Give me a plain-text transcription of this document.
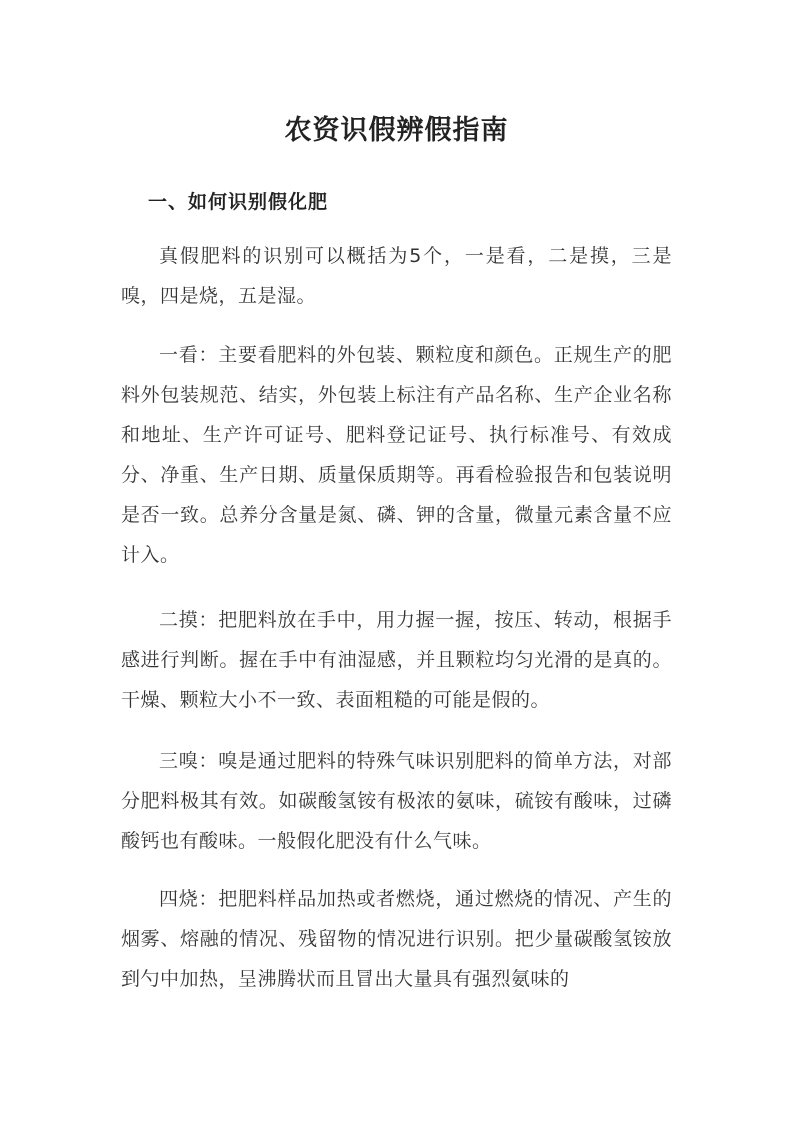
农资识假辨假指南
一、如何识别假化肥

真假肥料的识别可以概括为5个，一是看，二是摸，三是嗅，四是烧，五是湿。

一看：主要看肥料的外包装、颗粒度和颜色。正规生产的肥料外包装规范、结实，外包装上标注有产品名称、生产企业名称和地址、生产许可证号、肥料登记证号、执行标准号、有效成分、净重、生产日期、质量保质期等。再看检验报告和包装说明是否一致。总养分含量是氮、磷、钾的含量，微量元素含量不应计入。

二摸：把肥料放在手中，用力握一握，按压、转动，根据手感进行判断。握在手中有油湿感，并且颗粒均匀光滑的是真的。干燥、颗粒大小不一致、表面粗糙的可能是假的。

三嗅：嗅是通过肥料的特殊气味识别肥料的简单方法，对部分肥料极其有效。如碳酸氢铵有极浓的氨味，硫铵有酸味，过磷酸钙也有酸味。一般假化肥没有什么气味。

四烧：把肥料样品加热或者燃烧，通过燃烧的情况、产生的烟雾、熔融的情况、残留物的情况进行识别。把少量碳酸氢铵放到勺中加热，呈沸腾状而且冒出大量具有强烈氨味的
